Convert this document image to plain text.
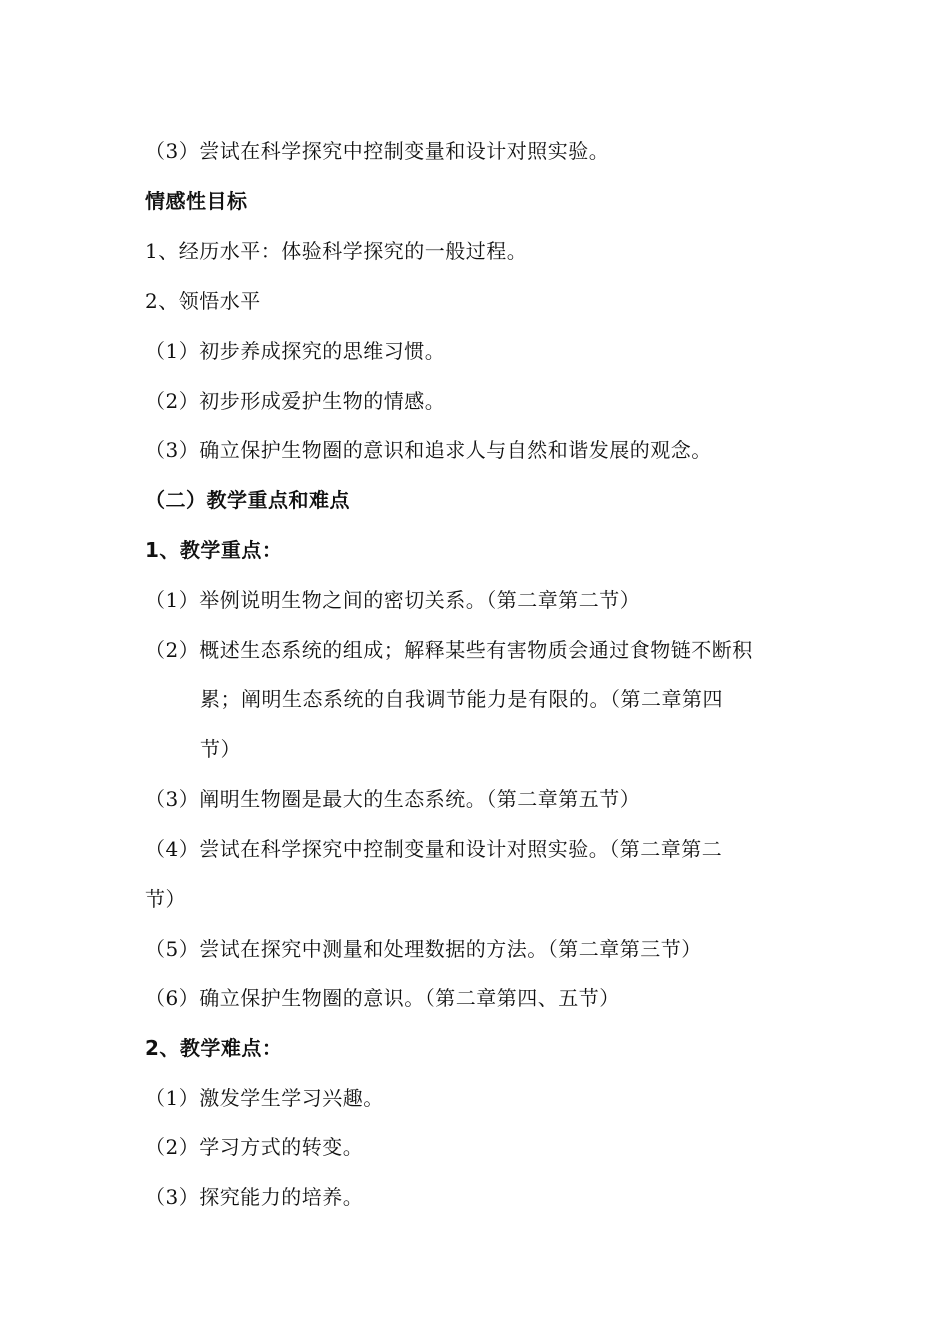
（3）尝试在科学探究中控制变量和设计对照实验。
情感性目标
1、经历水平：体验科学探究的一般过程。
2、领悟水平
（1）初步养成探究的思维习惯。
（2）初步形成爱护生物的情感。
（3）确立保护生物圈的意识和追求人与自然和谐发展的观念。
（二）教学重点和难点
1、教学重点：
（1）举例说明生物之间的密切关系。（第二章第二节）
（2）概述生态系统的组成；解释某些有害物质会通过食物链不断积
累；阐明生态系统的自我调节能力是有限的。（第二章第四
节）
（3）阐明生物圈是最大的生态系统。（第二章第五节）
（4）尝试在科学探究中控制变量和设计对照实验。（第二章第二
节）
（5）尝试在探究中测量和处理数据的方法。（第二章第三节）
（6）确立保护生物圈的意识。（第二章第四、五节）
2、教学难点：
（1）激发学生学习兴趣。
（2）学习方式的转变。
（3）探究能力的培养。
